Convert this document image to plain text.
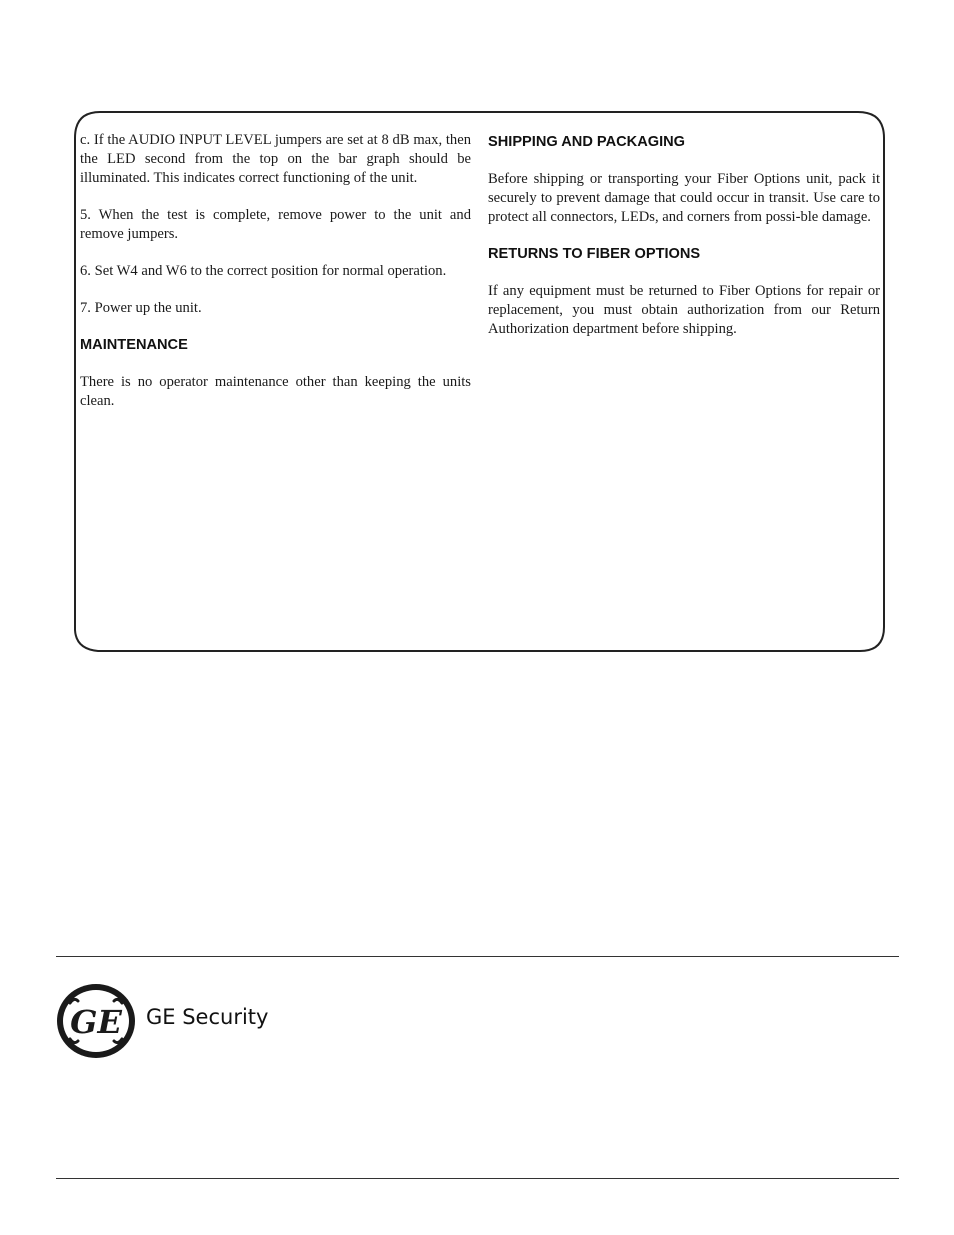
c. If the AUDIO INPUT LEVEL jumpers are set at 8 dB max, then the LED second from the top on the bar graph should be illuminated. This indicates correct functioning of the unit.

5. When the test is complete, remove power to the unit and remove jumpers.

6. Set W4 and W6 to the correct position for normal operation.

7. Power up the unit.

MAINTENANCE

There is no operator maintenance other than keeping the units clean.

SHIPPING AND PACKAGING

Before shipping or transporting your Fiber Options unit, pack it securely to prevent damage that could occur in transit. Use care to protect all connectors, LEDs, and corners from possi-ble damage.

RETURNS TO FIBER OPTIONS

If any equipment must be returned to Fiber Options for repair or replacement, you must obtain authorization from our Return Authorization department before shipping.

GE GE Security
